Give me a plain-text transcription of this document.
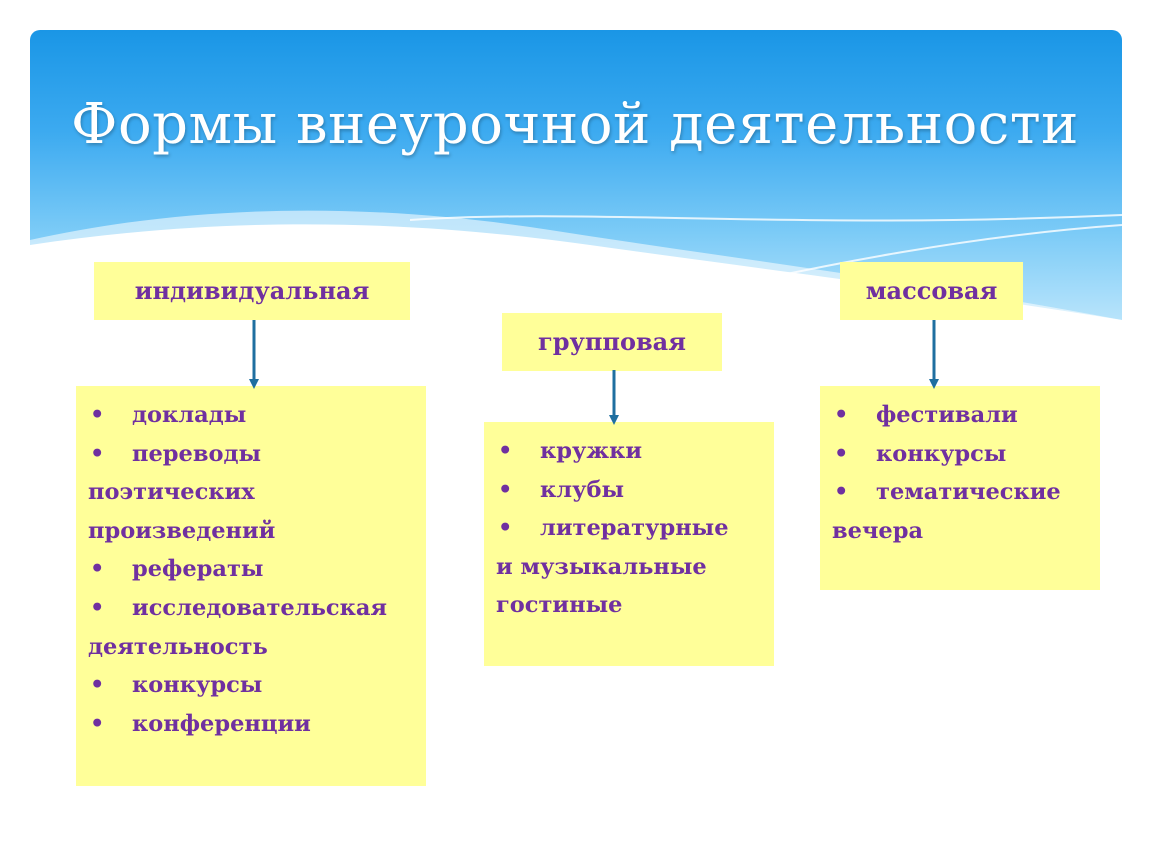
Формы внеурочной деятельности
индивидуальная
• доклады
• переводы
поэтических
произведений
• рефераты
• исследовательская
деятельность
• конкурсы
• конференции
групповая
• кружки
• клубы
• литературные
и музыкальные
гостиные
массовая
• фестивали
• конкурсы
• тематические
вечера
